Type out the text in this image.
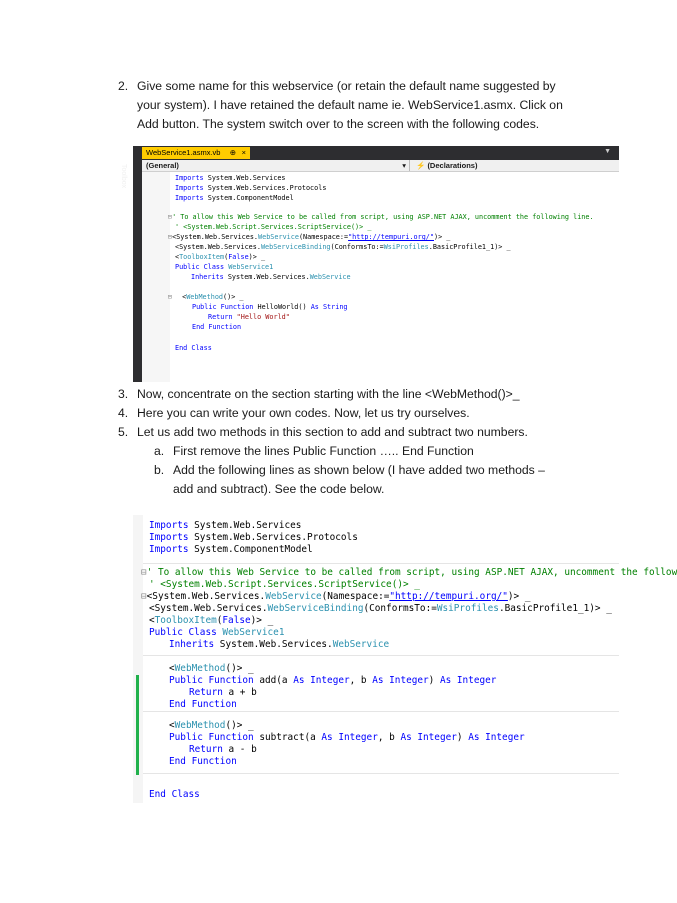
2. Give some name for this webservice (or retain the default name suggested by your system). I have retained the default name ie. WebService1.asmx. Click on Add button. The system switch over to the screen with the following codes.
Toolbox
WebService1.asmx.vb ⊕ ×	▼
(General)	▾	⚡ (Declarations)
Imports System.Web.Services
Imports System.Web.Services.Protocols
Imports System.ComponentModel
⊟' To allow this Web Service to be called from script, using ASP.NET AJAX, uncomment the following line.
' <System.Web.Script.Services.ScriptService()> _
⊟<System.Web.Services.WebService(Namespace:="http://tempuri.org/")> _
<System.Web.Services.WebServiceBinding(ConformsTo:=WsiProfiles.BasicProfile1_1)> _
<ToolboxItem(False)> _
Public Class WebService1
Inherits System.Web.Services.WebService
⊟ <WebMethod()> _
Public Function HelloWorld() As String
Return "Hello World"
End Function
End Class
3. Now, concentrate on the section starting with the line <WebMethod()>_
4. Here you can write your own codes. Now, let us try ourselves.
5. Let us add two methods in this section to add and subtract two numbers.
a. First remove the lines Public Function ….. End Function
b. Add the following lines as shown below (I have added two methods – add and subtract). See the code below.
Imports System.Web.Services
Imports System.Web.Services.Protocols
Imports System.ComponentModel
⊟' To allow this Web Service to be called from script, using ASP.NET AJAX, uncomment the follow
' <System.Web.Script.Services.ScriptService()> _
⊟<System.Web.Services.WebService(Namespace:="http://tempuri.org/")> _
<System.Web.Services.WebServiceBinding(ConformsTo:=WsiProfiles.BasicProfile1_1)> _
<ToolboxItem(False)> _
Public Class WebService1
Inherits System.Web.Services.WebService
<WebMethod()> _
Public Function add(a As Integer, b As Integer) As Integer
Return a + b
End Function
<WebMethod()> _
Public Function subtract(a As Integer, b As Integer) As Integer
Return a - b
End Function
End Class
